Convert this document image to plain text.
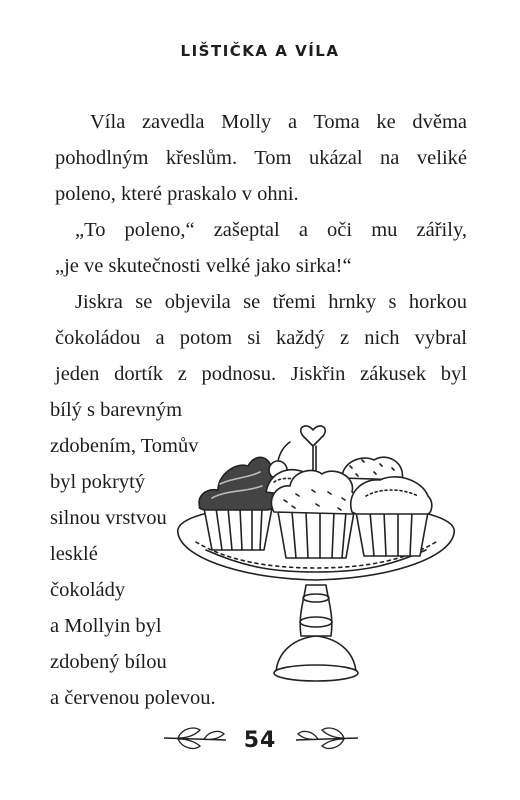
LIŠTIČKA A VÍLA
Víla zavedla Molly a Toma ke dvěma
pohodlným křeslům. Tom ukázal na veliké
poleno, které praskalo v ohni.
„To poleno,“ zašeptal a oči mu zářily,
„je ve skutečnosti velké jako sirka!“
Jiskra se objevila se třemi hrnky s horkou
čokoládou a potom si každý z nich vybral
jeden dortík z podnosu. Jiskřin zákusek byl
bílý s barevným
zdobením, Tomův
byl pokrytý
silnou vrstvou
lesklé
čokolády
a Mollyin byl
zdobený bílou
a červenou polevou.
54
